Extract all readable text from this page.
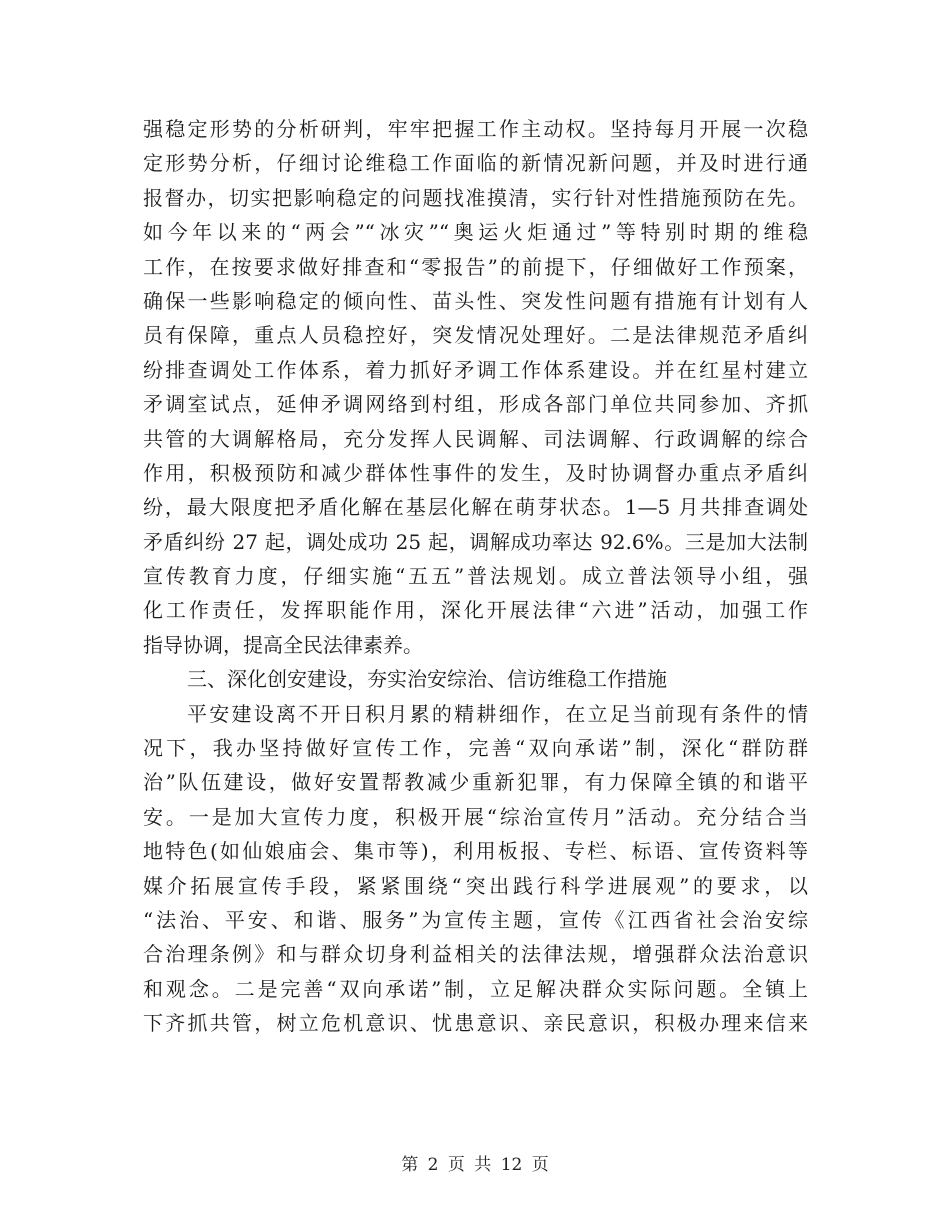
强稳定形势的分析研判，牢牢把握工作主动权。坚持每月开展一次稳
定形势分析，仔细讨论维稳工作面临的新情况新问题，并及时进行通
报督办，切实把影响稳定的问题找准摸清，实行针对性措施预防在先。
如今年以来的“两会”“冰灾”“奥运火炬通过”等特别时期的维稳
工作，在按要求做好排查和“零报告”的前提下，仔细做好工作预案，
确保一些影响稳定的倾向性、苗头性、突发性问题有措施有计划有人
员有保障，重点人员稳控好，突发情况处理好。二是法律规范矛盾纠
纷排查调处工作体系，着力抓好矛调工作体系建设。并在红星村建立
矛调室试点，延伸矛调网络到村组，形成各部门单位共同参加、齐抓
共管的大调解格局，充分发挥人民调解、司法调解、行政调解的综合
作用，积极预防和减少群体性事件的发生，及时协调督办重点矛盾纠
纷，最大限度把矛盾化解在基层化解在萌芽状态。1—5 月共排查调处
矛盾纠纷 27 起，调处成功 25 起，调解成功率达 92.6%。三是加大法制
宣传教育力度，仔细实施“五五”普法规划。成立普法领导小组，强
化工作责任，发挥职能作用，深化开展法律“六进”活动，加强工作
指导协调，提高全民法律素养。
三、深化创安建设，夯实治安综治、信访维稳工作措施
平安建设离不开日积月累的精耕细作，在立足当前现有条件的情
况下，我办坚持做好宣传工作，完善“双向承诺”制，深化“群防群
治”队伍建设，做好安置帮教减少重新犯罪，有力保障全镇的和谐平
安。一是加大宣传力度，积极开展“综治宣传月”活动。充分结合当
地特色(如仙娘庙会、集市等)，利用板报、专栏、标语、宣传资料等
媒介拓展宣传手段，紧紧围绕“突出践行科学进展观”的要求，以
“法治、平安、和谐、服务”为宣传主题，宣传《江西省社会治安综
合治理条例》和与群众切身利益相关的法律法规，增强群众法治意识
和观念。二是完善“双向承诺”制，立足解决群众实际问题。全镇上
下齐抓共管，树立危机意识、忧患意识、亲民意识，积极办理来信来
第 2 页 共 12 页
